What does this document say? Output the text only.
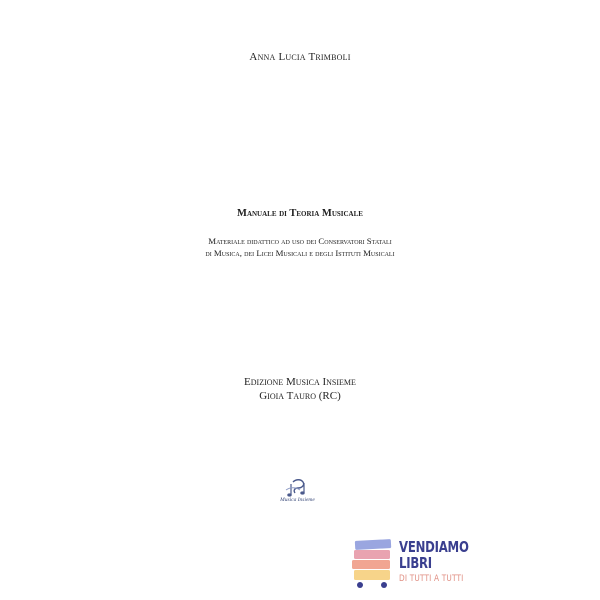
Anna Lucia Trimboli
Manuale di Teoria Musicale
Materiale didattico ad uso dei Conservatori Statali
di Musica, dei Licei Musicali e degli Istituti Musicali
Edizione Musica Insieme
Gioia Tauro (RC)
Musica Insieme
VENDIAMO
LIBRI
DI TUTTI A TUTTI
